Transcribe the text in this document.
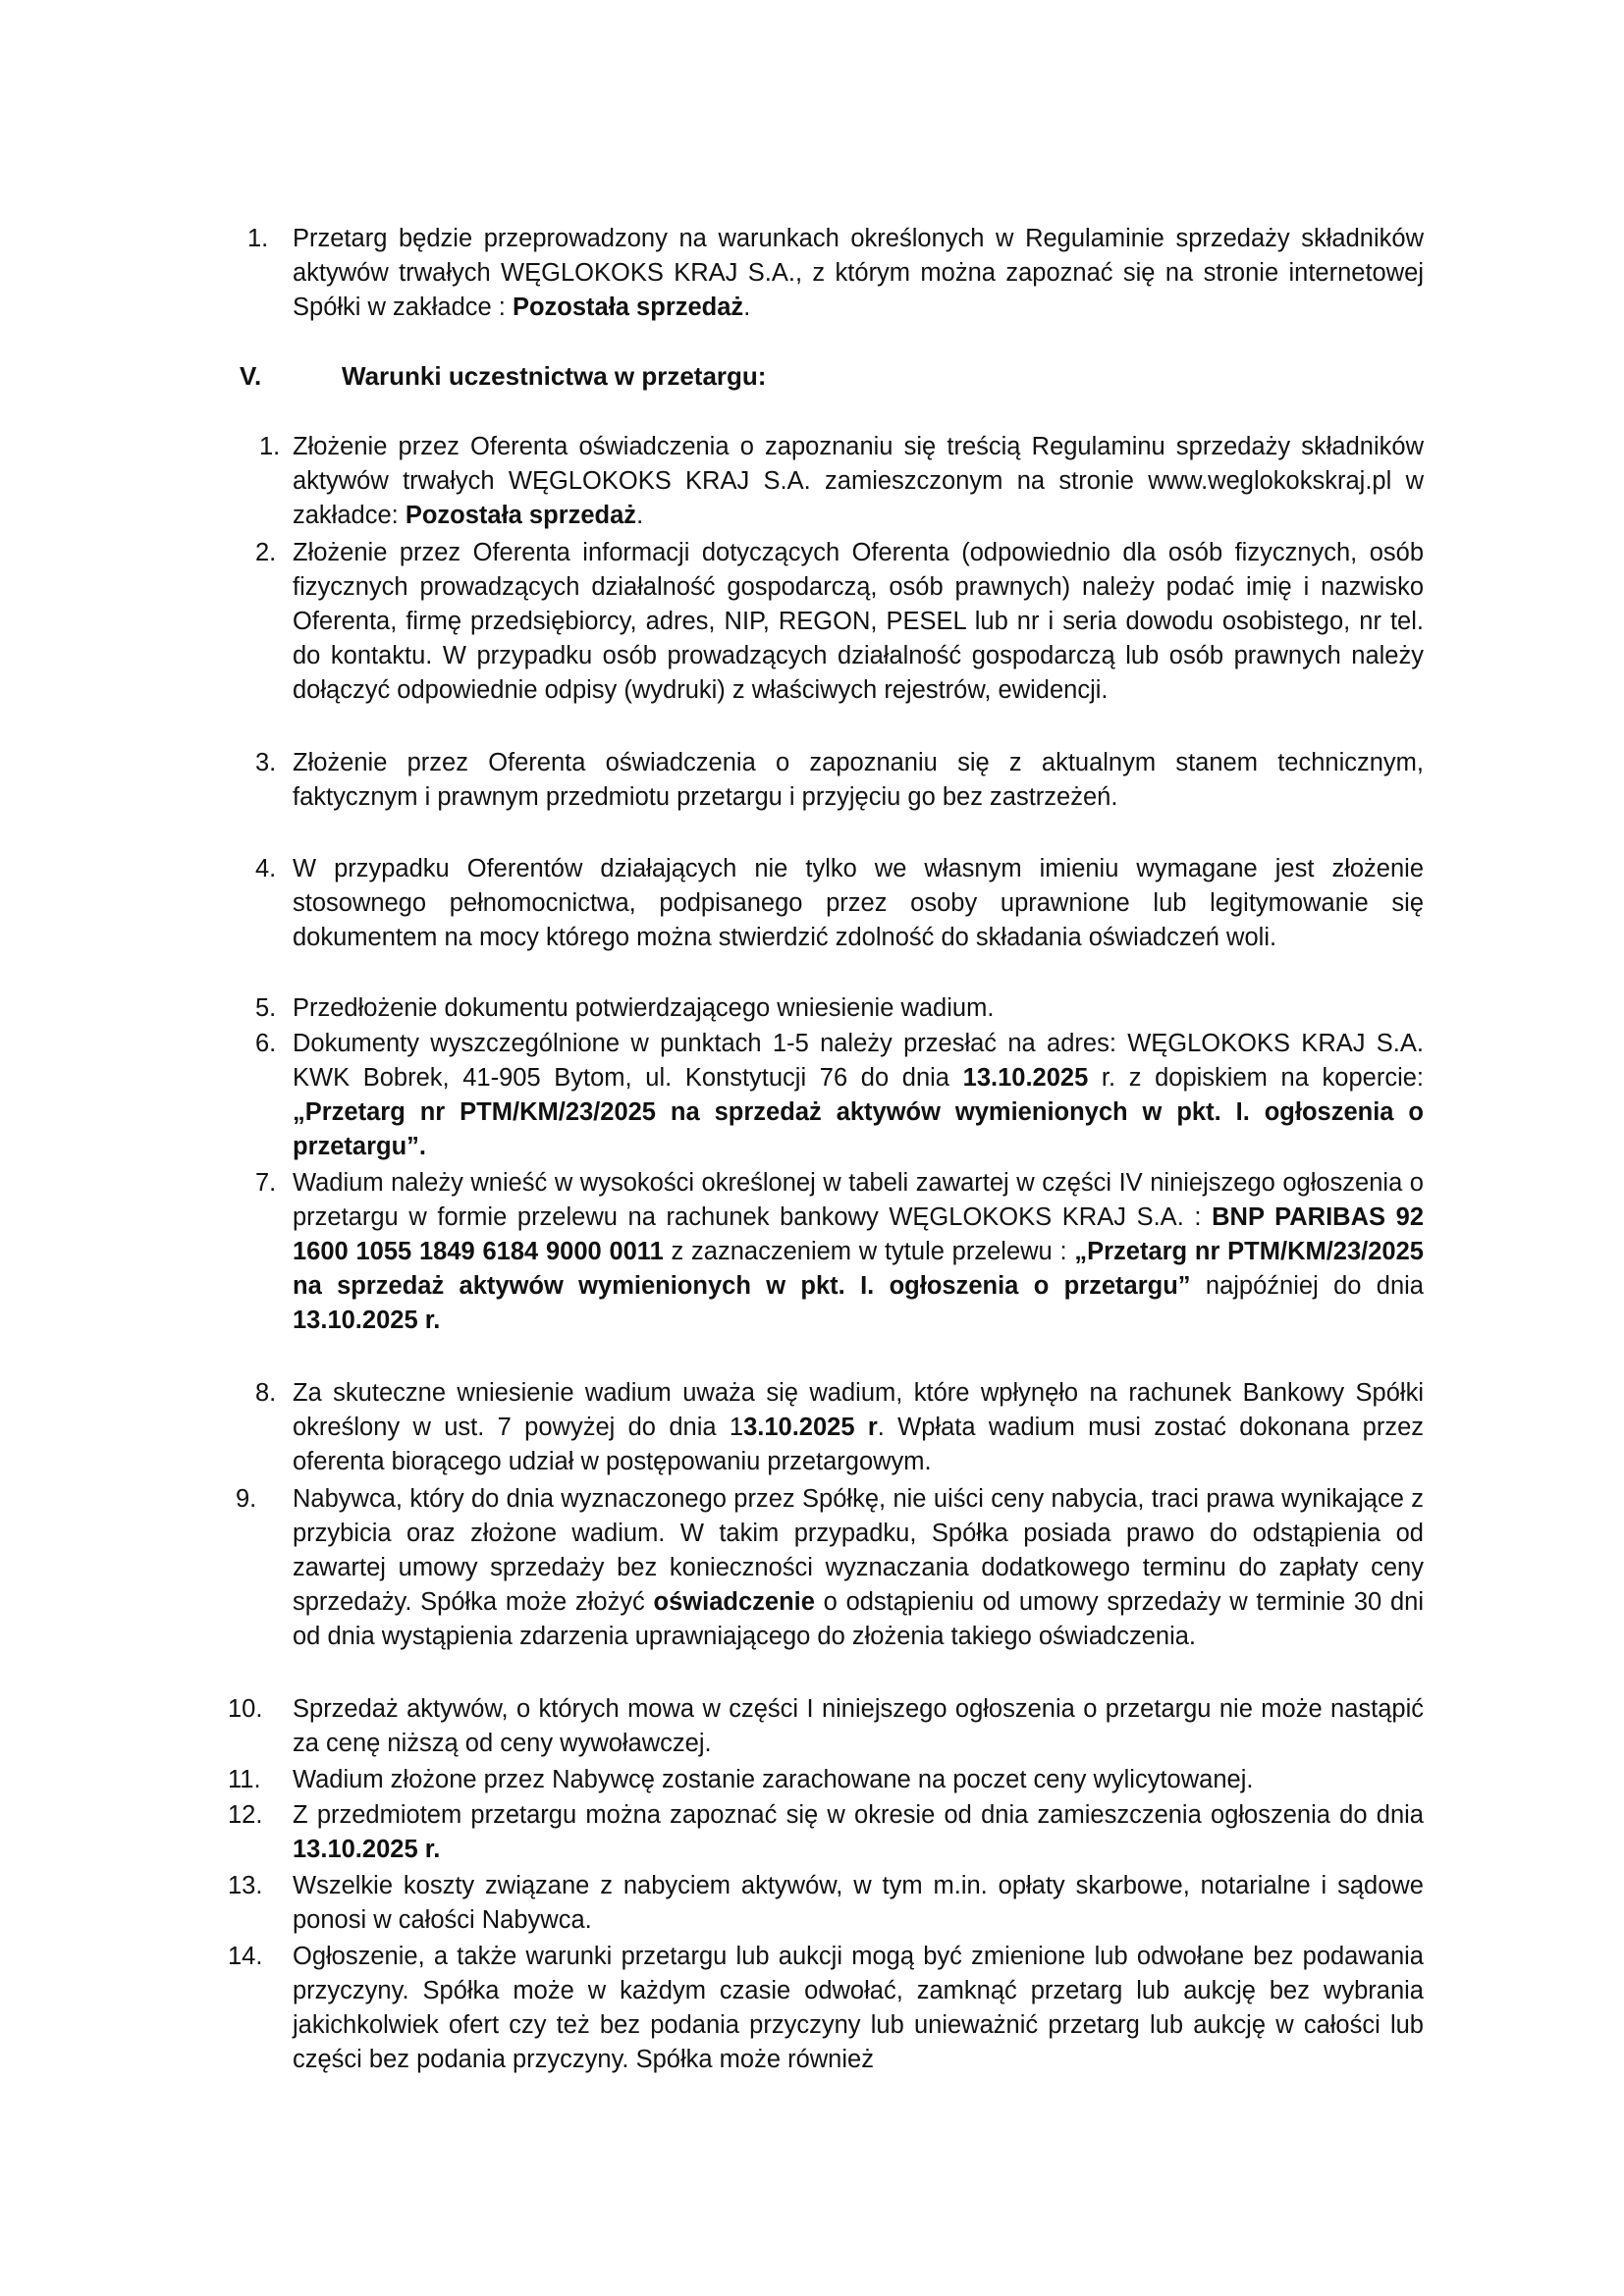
1. Przetarg będzie przeprowadzony na warunkach określonych w Regulaminie sprzedaży składników aktywów trwałych WĘGLOKOKS KRAJ S.A., z którym można zapoznać się na stronie internetowej Spółki w zakładce : Pozostała sprzedaż.
V.	Warunki uczestnictwa w przetargu:
1. Złożenie przez Oferenta oświadczenia o zapoznaniu się treścią Regulaminu sprzedaży składników aktywów trwałych WĘGLOKOKS KRAJ S.A. zamieszczonym na stronie www.weglokokskraj.pl w zakładce: Pozostała sprzedaż.
2. Złożenie przez Oferenta informacji dotyczących Oferenta (odpowiednio dla osób fizycznych, osób fizycznych prowadzących działalność gospodarczą, osób prawnych) należy podać imię i nazwisko Oferenta, firmę przedsiębiorcy, adres, NIP, REGON, PESEL lub nr i seria dowodu osobistego, nr tel. do kontaktu. W przypadku osób prowadzących działalność gospodarczą lub osób prawnych należy dołączyć odpowiednie odpisy (wydruki) z właściwych rejestrów, ewidencji.
3. Złożenie przez Oferenta oświadczenia o zapoznaniu się z aktualnym stanem technicznym, faktycznym i prawnym przedmiotu przetargu i przyjęciu go bez zastrzeżeń.
4. W przypadku Oferentów działających nie tylko we własnym imieniu wymagane jest złożenie stosownego pełnomocnictwa, podpisanego przez osoby uprawnione lub legitymowanie się dokumentem na mocy którego można stwierdzić zdolność do składania oświadczeń woli.
5. Przedłożenie dokumentu potwierdzającego wniesienie wadium.
6. Dokumenty wyszczególnione w punktach 1-5 należy przesłać na adres: WĘGLOKOKS KRAJ S.A. KWK Bobrek, 41-905 Bytom, ul. Konstytucji 76 do dnia 13.10.2025 r. z dopiskiem na kopercie: „Przetarg nr PTM/KM/23/2025 na sprzedaż aktywów wymienionych w pkt. I. ogłoszenia o przetargu”.
7. Wadium należy wnieść w wysokości określonej w tabeli zawartej w części IV niniejszego ogłoszenia o przetargu w formie przelewu na rachunek bankowy WĘGLOKOKS KRAJ S.A. : BNP PARIBAS 92 1600 1055 1849 6184 9000 0011 z zaznaczeniem w tytule przelewu : „Przetarg nr PTM/KM/23/2025 na sprzedaż aktywów wymienionych w pkt. I. ogłoszenia o przetargu” najpóźniej do dnia 13.10.2025 r.
8. Za skuteczne wniesienie wadium uważa się wadium, które wpłynęło na rachunek Bankowy Spółki określony w ust. 7 powyżej do dnia 13.10.2025 r. Wpłata wadium musi zostać dokonana przez oferenta biorącego udział w postępowaniu przetargowym.
9.	Nabywca, który do dnia wyznaczonego przez Spółkę, nie uiści ceny nabycia, traci prawa wynikające z przybicia oraz złożone wadium. W takim przypadku, Spółka posiada prawo do odstąpienia od zawartej umowy sprzedaży bez konieczności wyznaczania dodatkowego terminu do zapłaty ceny sprzedaży. Spółka może złożyć oświadczenie o odstąpieniu od umowy sprzedaży w terminie 30 dni od dnia wystąpienia zdarzenia uprawniającego do złożenia takiego oświadczenia.
10.	Sprzedaż aktywów, o których mowa w części I niniejszego ogłoszenia o przetargu nie może nastąpić za cenę niższą od ceny wywoławczej.
11.	Wadium złożone przez Nabywcę zostanie zarachowane na poczet ceny wylicytowanej.
12.	Z przedmiotem przetargu można zapoznać się w okresie od dnia zamieszczenia ogłoszenia do dnia 13.10.2025 r.
13.	Wszelkie koszty związane z nabyciem aktywów, w tym m.in. opłaty skarbowe, notarialne i sądowe ponosi w całości Nabywca.
14.	Ogłoszenie, a także warunki przetargu lub aukcji mogą być zmienione lub odwołane bez podawania przyczyny. Spółka może w każdym czasie odwołać, zamknąć przetarg lub aukcję bez wybrania jakichkolwiek ofert czy też bez podania przyczyny lub unieważnić przetarg lub aukcję w całości lub części bez podania przyczyny. Spółka może również
